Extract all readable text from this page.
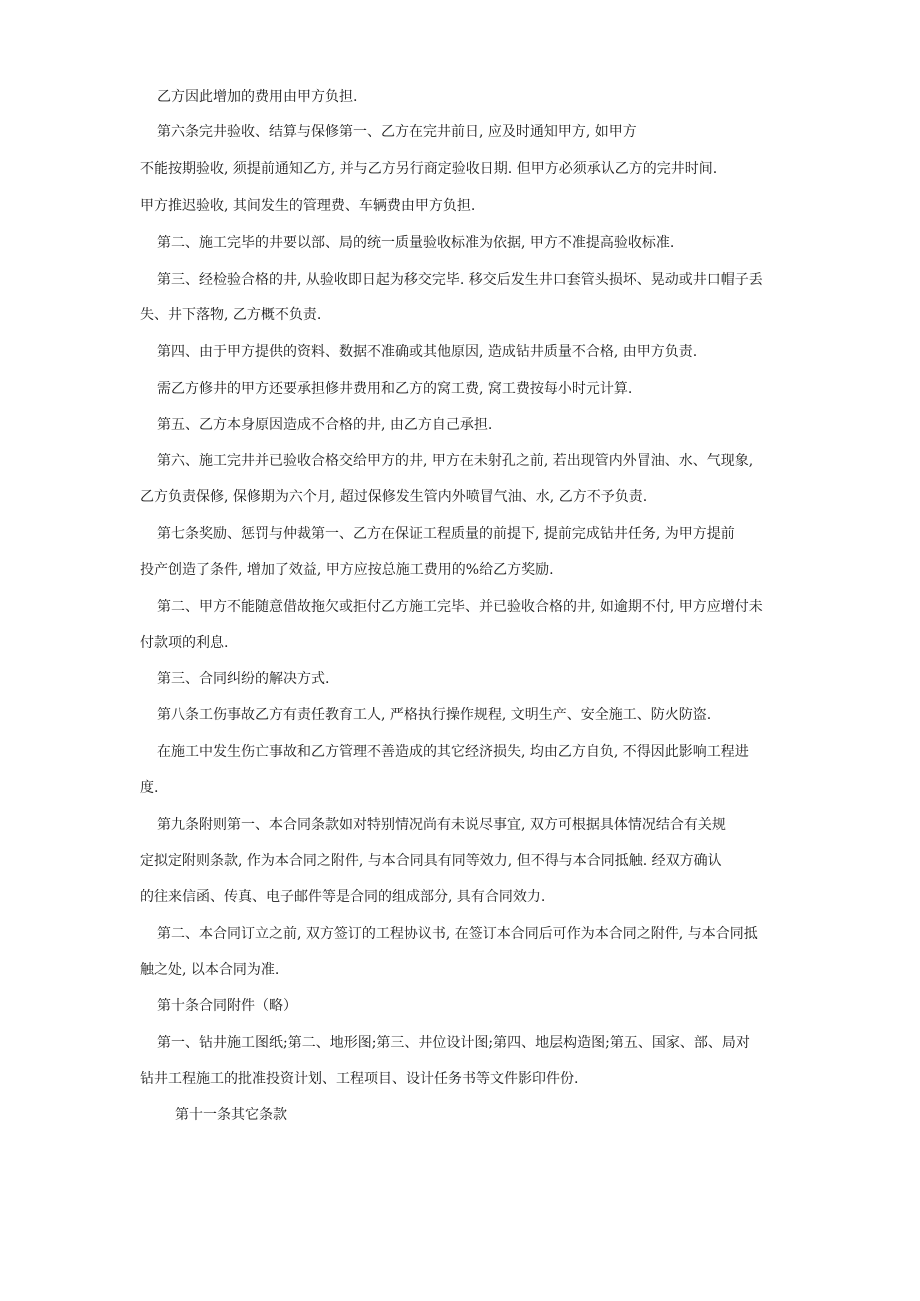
乙方因此增加的费用由甲方负担.
第六条完井验收、结算与保修第一、乙方在完井前日, 应及时通知甲方, 如甲方
不能按期验收, 须提前通知乙方, 并与乙方另行商定验收日期. 但甲方必须承认乙方的完井时间.
甲方推迟验收, 其间发生的管理费、车辆费由甲方负担.
第二、施工完毕的井要以部、局的统一质量验收标准为依据, 甲方不准提高验收标准.
第三、经检验合格的井, 从验收即日起为移交完毕. 移交后发生井口套管头损坏、晃动或井口帽子丢
失、井下落物, 乙方概不负责.
第四、由于甲方提供的资料、数据不准确或其他原因, 造成钻井质量不合格, 由甲方负责.
需乙方修井的甲方还要承担修井费用和乙方的窝工费, 窝工费按每小时元计算.
第五、乙方本身原因造成不合格的井, 由乙方自己承担.
第六、施工完井并已验收合格交给甲方的井, 甲方在未射孔之前, 若出现管内外冒油、水、气现象,
乙方负责保修, 保修期为六个月, 超过保修发生管内外喷冒气油、水, 乙方不予负责.
第七条奖励、惩罚与仲裁第一、乙方在保证工程质量的前提下, 提前完成钻井任务, 为甲方提前
投产创造了条件, 增加了效益, 甲方应按总施工费用的%给乙方奖励.
第二、甲方不能随意借故拖欠或拒付乙方施工完毕、并已验收合格的井, 如逾期不付, 甲方应增付未
付款项的利息.
第三、合同纠纷的解决方式.
第八条工伤事故乙方有责任教育工人, 严格执行操作规程, 文明生产、安全施工、防火防盗.
在施工中发生伤亡事故和乙方管理不善造成的其它经济损失, 均由乙方自负, 不得因此影响工程进
度.
第九条附则第一、本合同条款如对特别情况尚有未说尽事宜, 双方可根据具体情况结合有关规
定拟定附则条款, 作为本合同之附件, 与本合同具有同等效力, 但不得与本合同抵触. 经双方确认
的往来信函、传真、电子邮件等是合同的组成部分, 具有合同效力.
第二、本合同订立之前, 双方签订的工程协议书, 在签订本合同后可作为本合同之附件, 与本合同抵
触之处, 以本合同为准.
第十条合同附件（略）
第一、钻井施工图纸;第二、地形图;第三、井位设计图;第四、地层构造图;第五、国家、部、局对
钻井工程施工的批准投资计划、工程项目、设计任务书等文件影印件份.
第十一条其它条款
